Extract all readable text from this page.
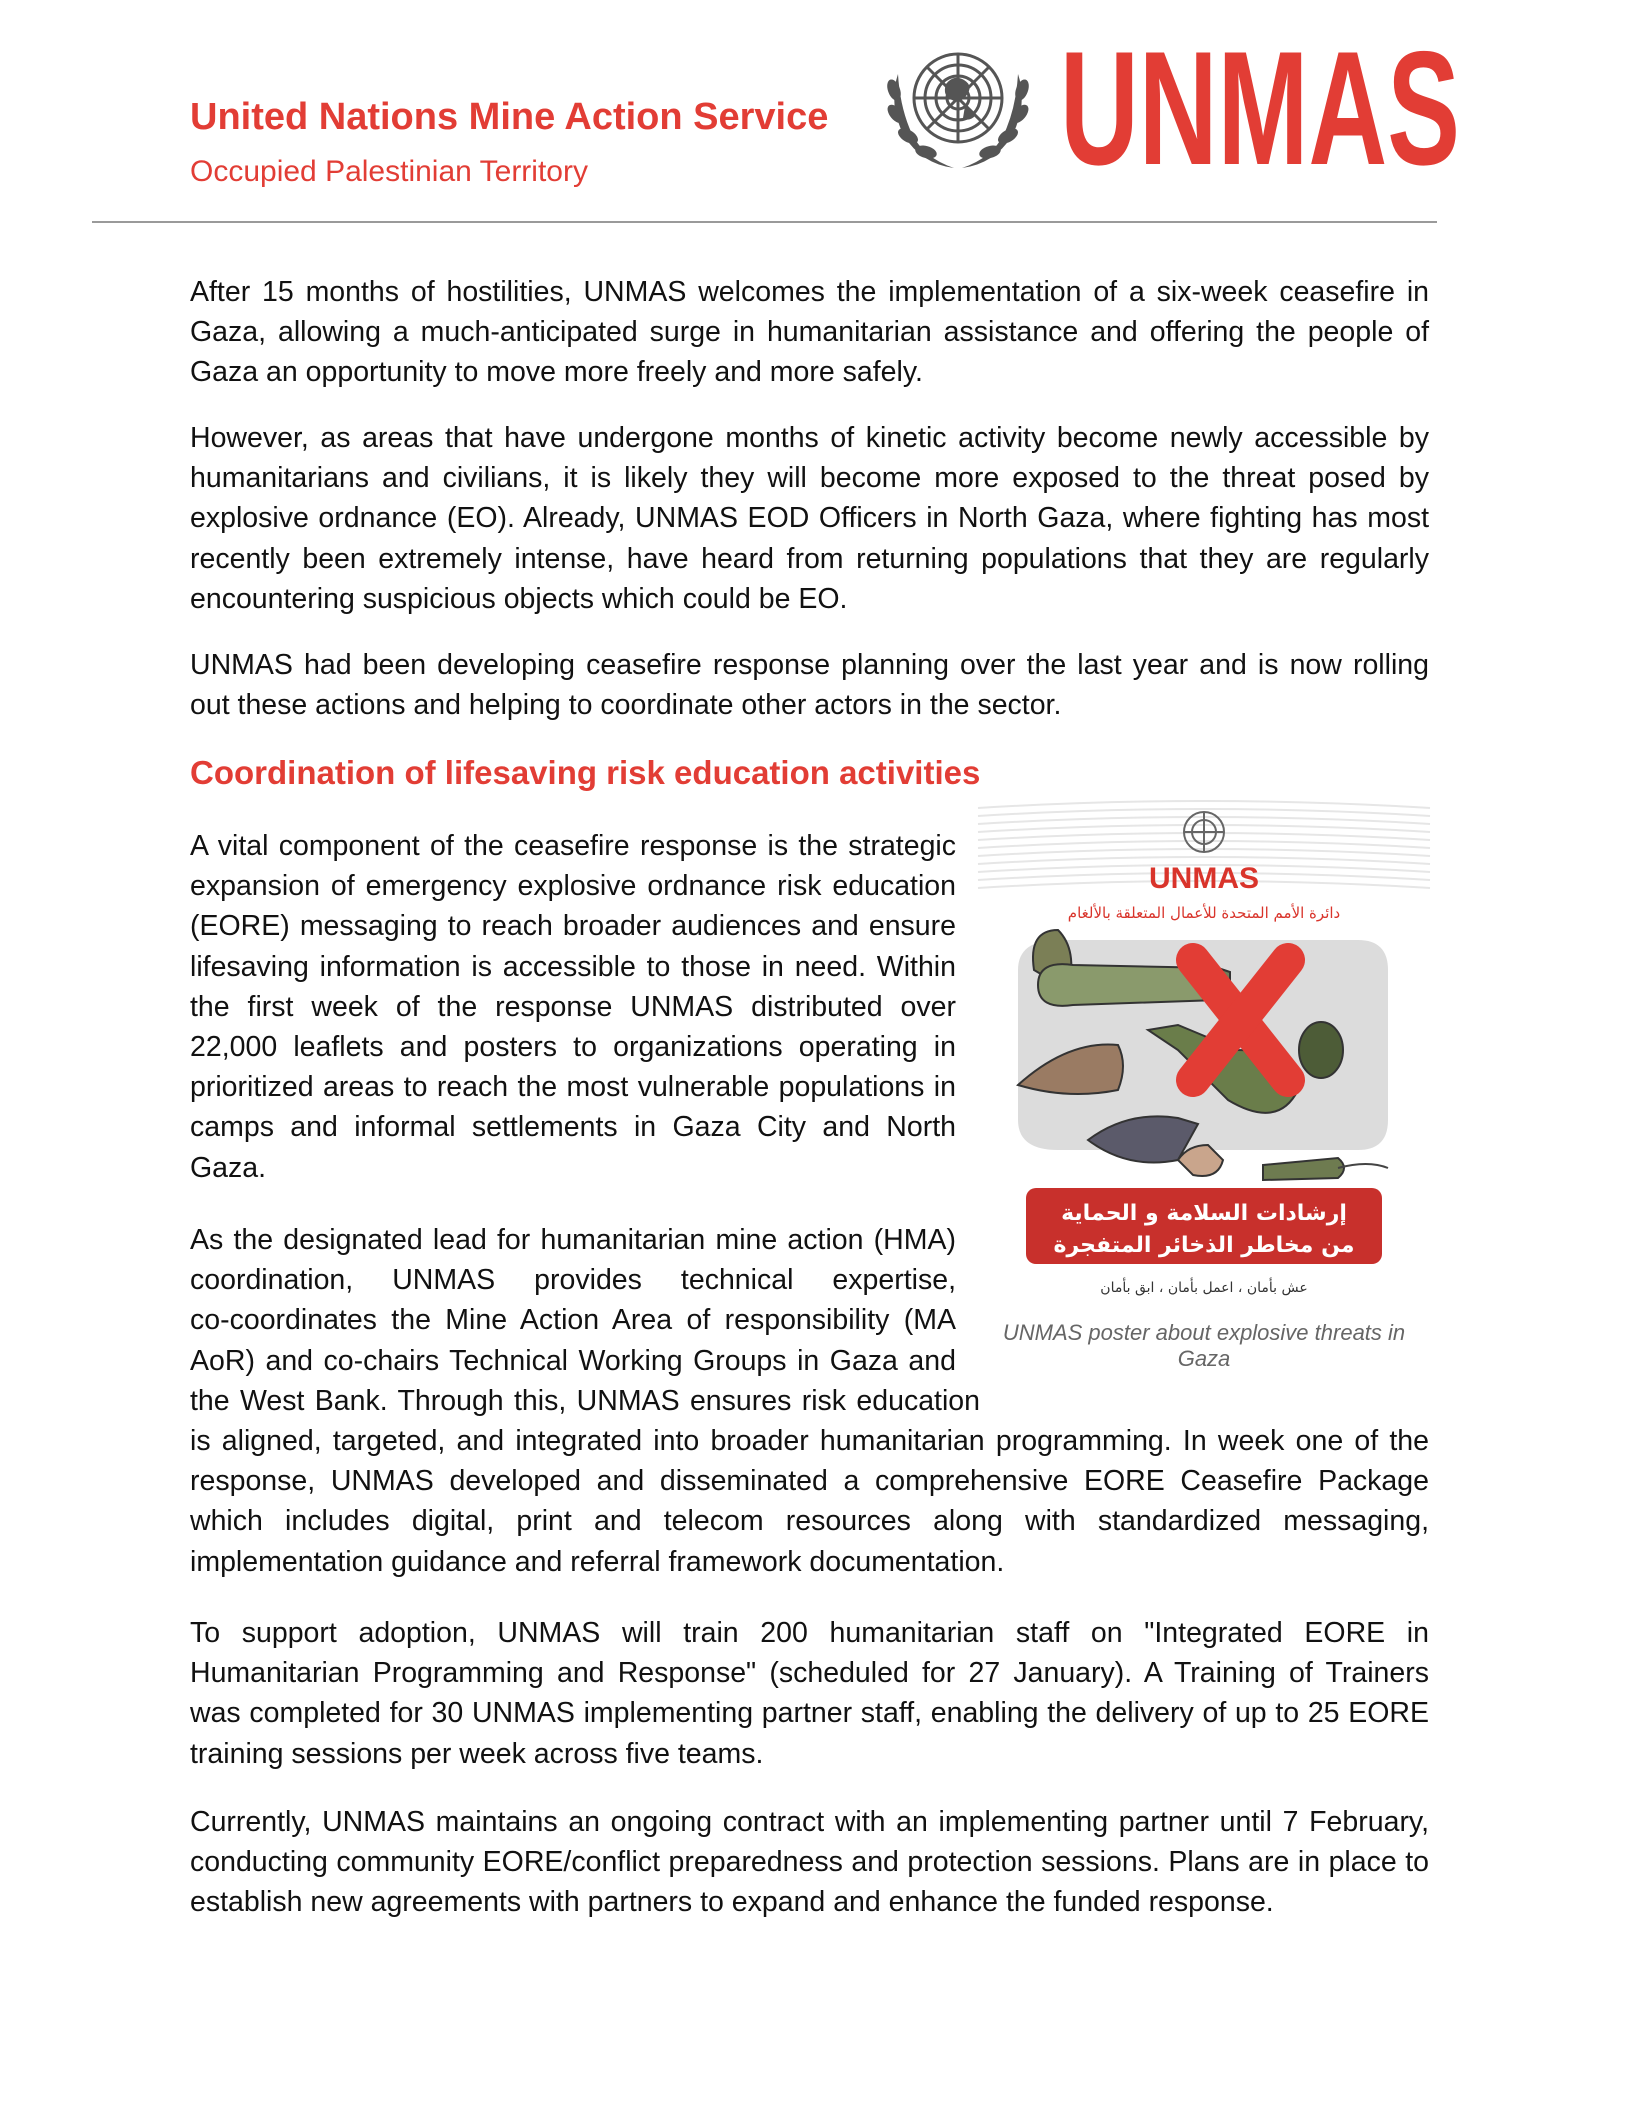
United Nations Mine Action Service
Occupied Palestinian Territory	UNMAS

After 15 months of hostilities, UNMAS welcomes the implementation of a six-week ceasefire in Gaza, allowing a much-anticipated surge in humanitarian assistance and offering the people of Gaza an opportunity to move more freely and more safely.

However, as areas that have undergone months of kinetic activity become newly accessible by humanitarians and civilians, it is likely they will become more exposed to the threat posed by explosive ordnance (EO). Already, UNMAS EOD Officers in North Gaza, where fighting has most recently been extremely intense, have heard from returning populations that they are regularly encountering suspicious objects which could be EO.

UNMAS had been developing ceasefire response planning over the last year and is now rolling out these actions and helping to coordinate other actors in the sector.

Coordination of lifesaving risk education activities

A vital component of the ceasefire response is the strategic expansion of emergency explosive ordnance risk education (EORE) messaging to reach broader audiences and ensure lifesaving information is accessible to those in need. Within the first week of the response UNMAS distributed over 22,000 leaflets and posters to organizations operating in prioritized areas to reach the most vulnerable populations in camps and informal settlements in Gaza City and North Gaza.

As the designated lead for humanitarian mine action (HMA)
coordination, UNMAS provides technical expertise,
co-coordinates the Mine Action Area of responsibility (MA
AoR) and co-chairs Technical Working Groups in Gaza and
the West Bank. Through this, UNMAS ensures risk education

is aligned, targeted, and integrated into broader humanitarian programming. In week one of the response, UNMAS developed and disseminated a comprehensive EORE Ceasefire Package which includes digital, print and telecom resources along with standardized messaging, implementation guidance and referral framework documentation.

To support adoption, UNMAS will train 200 humanitarian staff on "Integrated EORE in Humanitarian Programming and Response" (scheduled for 27 January). A Training of Trainers was completed for 30 UNMAS implementing partner staff, enabling the delivery of up to 25 EORE training sessions per week across five teams.

Currently, UNMAS maintains an ongoing contract with an implementing partner until 7 February, conducting community EORE/conflict preparedness and protection sessions. Plans are in place to establish new agreements with partners to expand and enhance the funded response.

UNMAS
دائرة الأمم المتحدة للأعمال المتعلقة بالألغام
إرشادات السلامة و الحماية
من مخاطر الذخائر المتفجرة
عش بأمان ، اعمل بأمان ، ابق بأمان
UNMAS poster about explosive threats in Gaza
